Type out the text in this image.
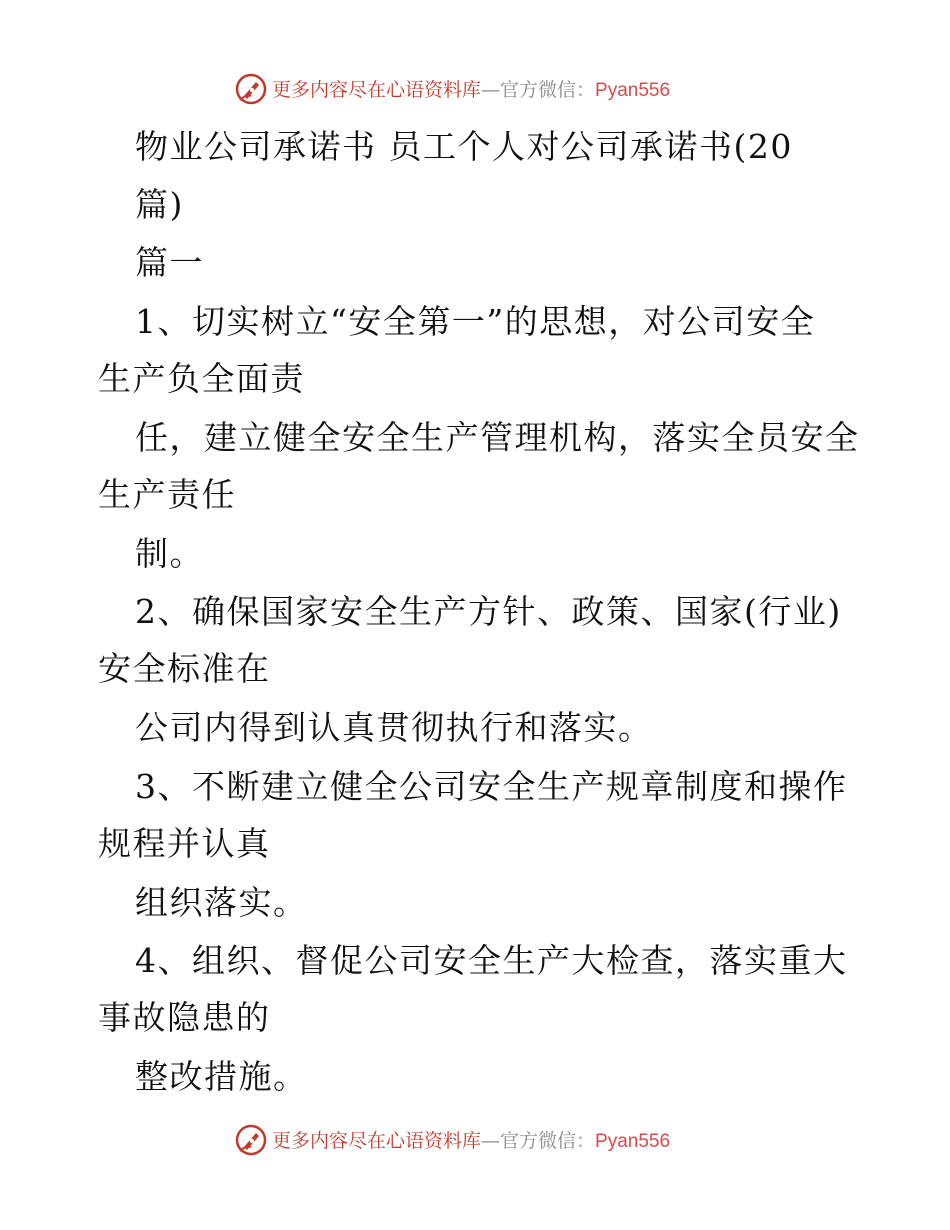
更多内容尽在心语资料库—官方微信：Pyan556
物业公司承诺书 员工个人对公司承诺书(20
篇)
篇一
1、切实树立“安全第一”的思想，对公司安全
生产负全面责
任，建立健全安全生产管理机构，落实全员安全
生产责任
制。
2、确保国家安全生产方针、政策、国家(行业)
安全标准在
公司内得到认真贯彻执行和落实。
3、不断建立健全公司安全生产规章制度和操作
规程并认真
组织落实。
4、组织、督促公司安全生产大检查，落实重大
事故隐患的
整改措施。
更多内容尽在心语资料库—官方微信：Pyan556
